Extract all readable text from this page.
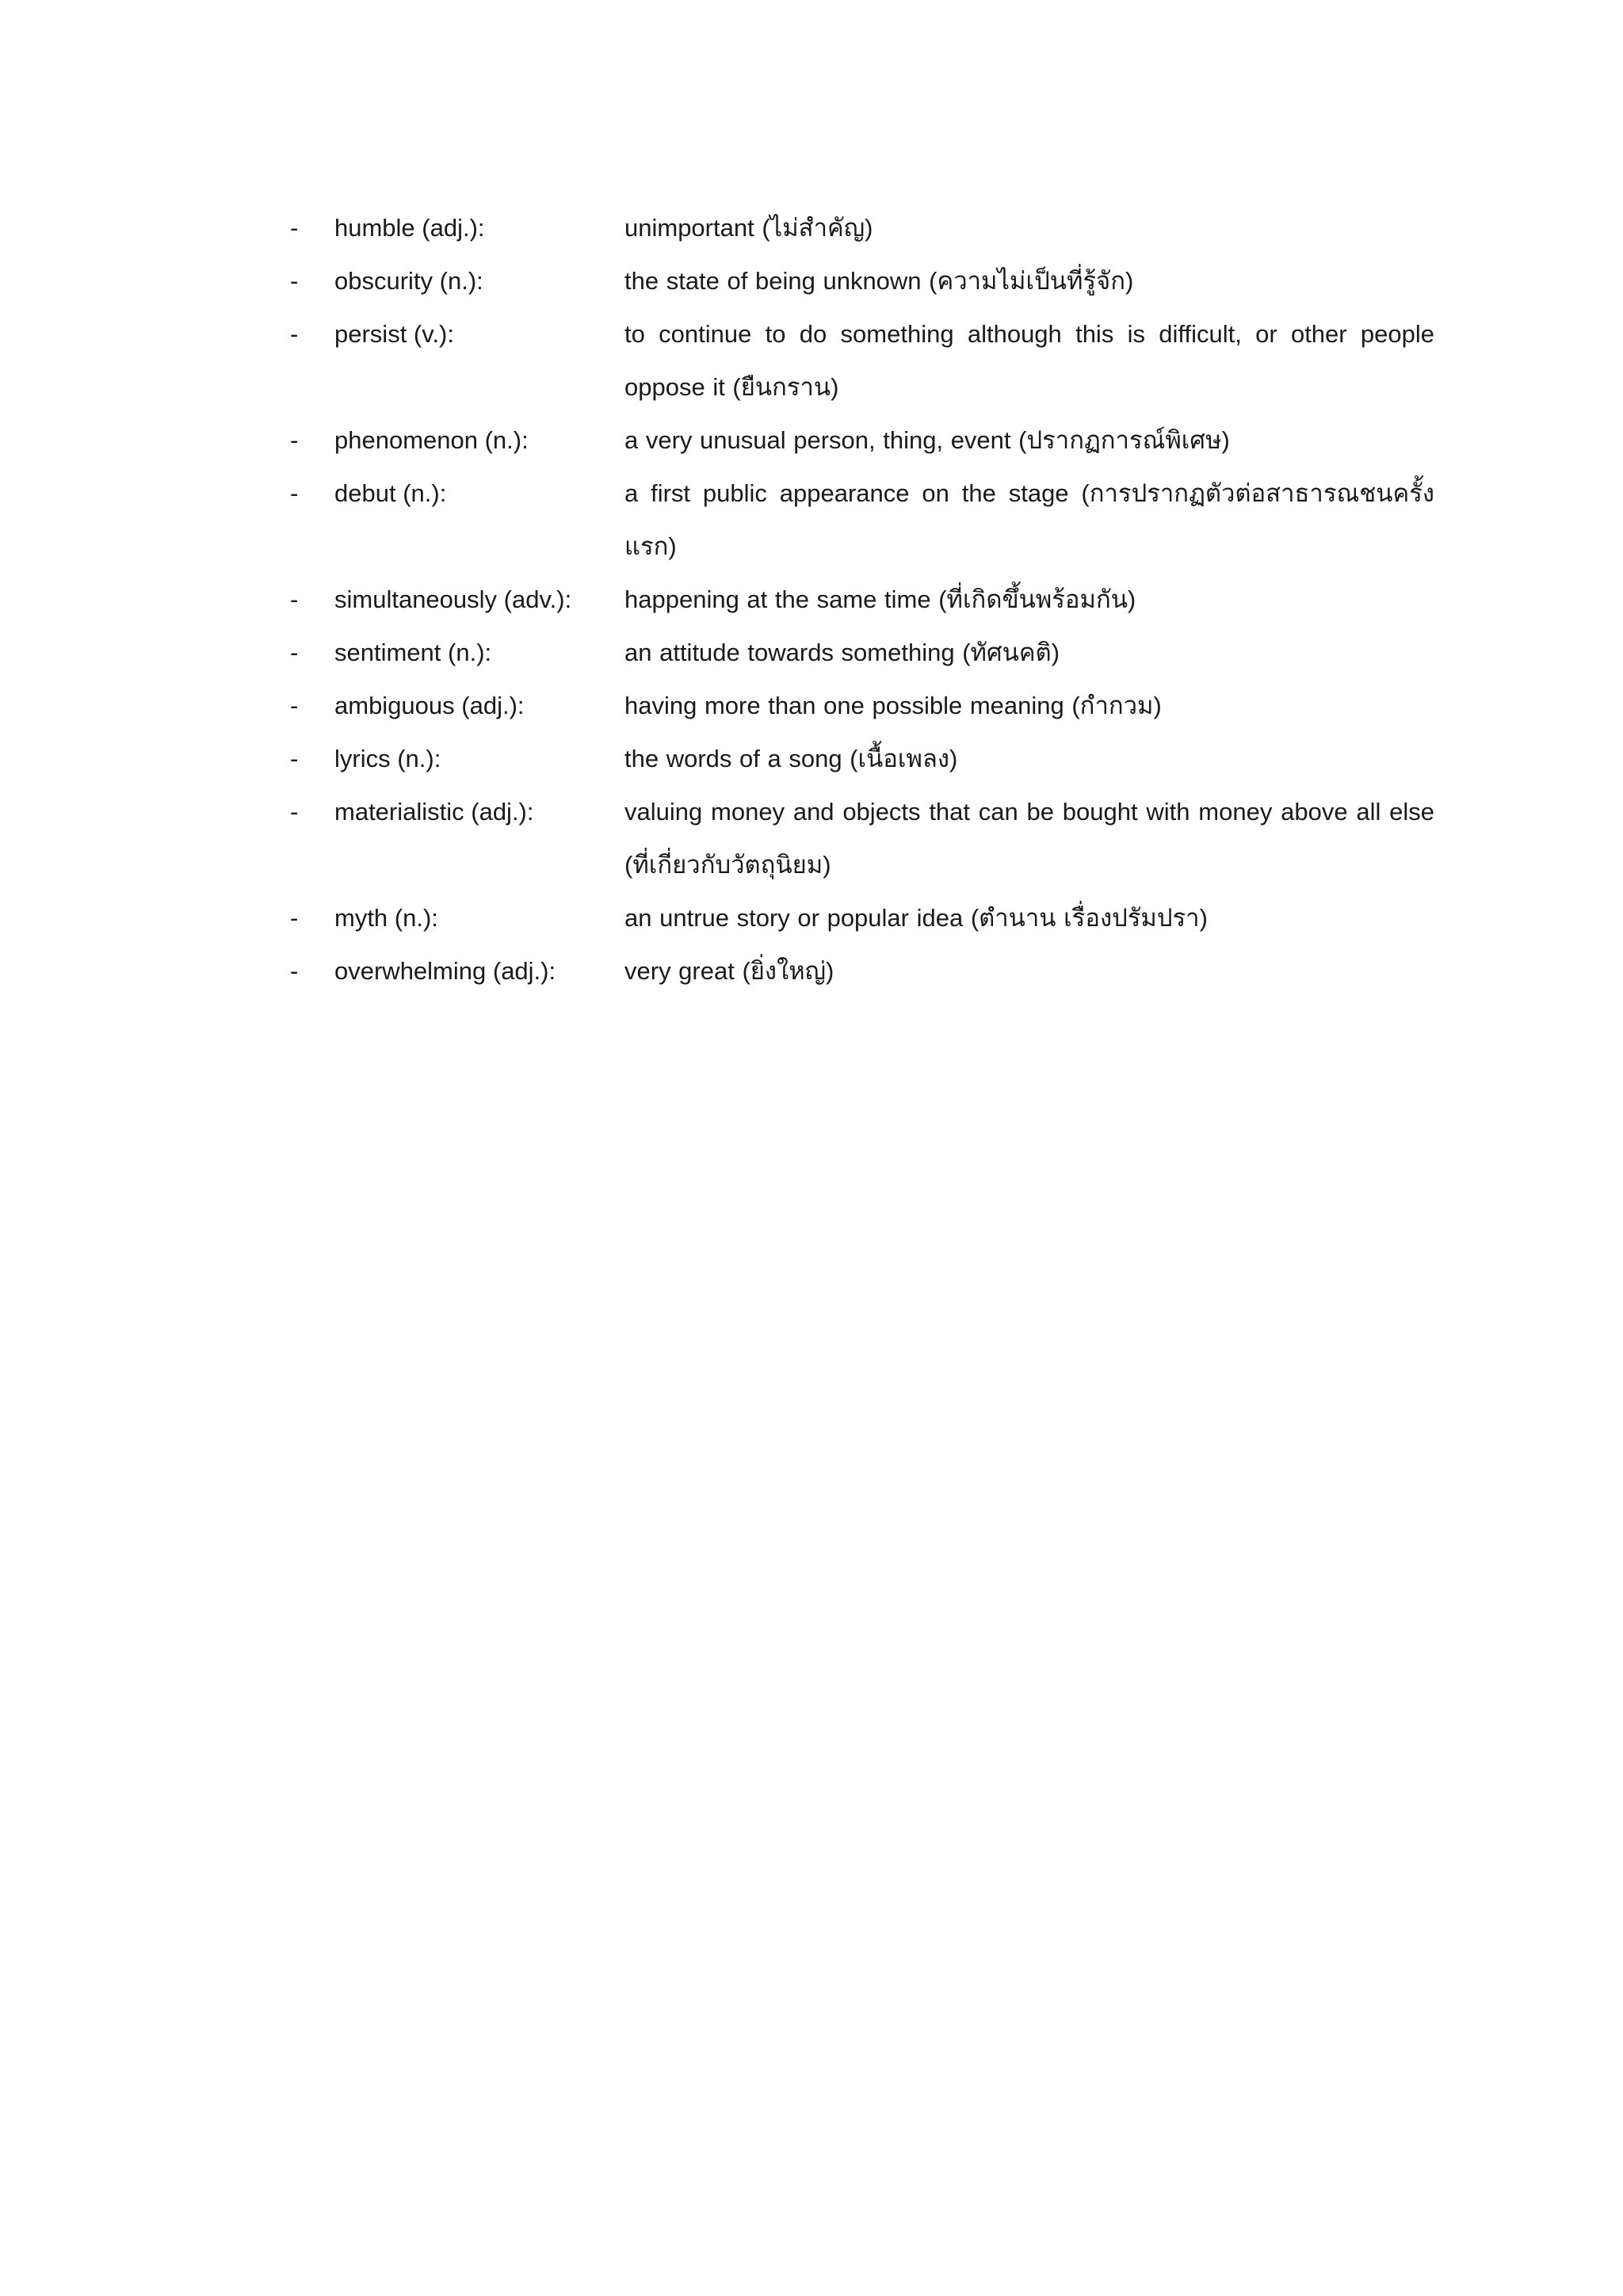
-	humble (adj.):	unimportant (ไม่สำคัญ)
-	obscurity (n.):	the state of being unknown (ความไม่เป็นที่รู้จัก)
-	persist (v.):	to continue to do something although this is difficult, or other people oppose it (ยืนกราน)
-	phenomenon (n.):	a very unusual person, thing, event (ปรากฏการณ์พิเศษ)
-	debut (n.):	a first public appearance on the stage (การปรากฏตัวต่อสาธารณชนครั้งแรก)
-	simultaneously (adv.):	happening at the same time (ที่เกิดขึ้นพร้อมกัน)
-	sentiment (n.):	an attitude towards something (ทัศนคติ)
-	ambiguous (adj.):	having more than one possible meaning (กำกวม)
-	lyrics (n.):	the words of a song (เนื้อเพลง)
-	materialistic (adj.):	valuing money and objects that can be bought with money above all else (ที่เกี่ยวกับวัตถุนิยม)
-	myth (n.):	an untrue story or popular idea (ตำนาน เรื่องปรัมปรา)
-	overwhelming (adj.):	very great (ยิ่งใหญ่)
